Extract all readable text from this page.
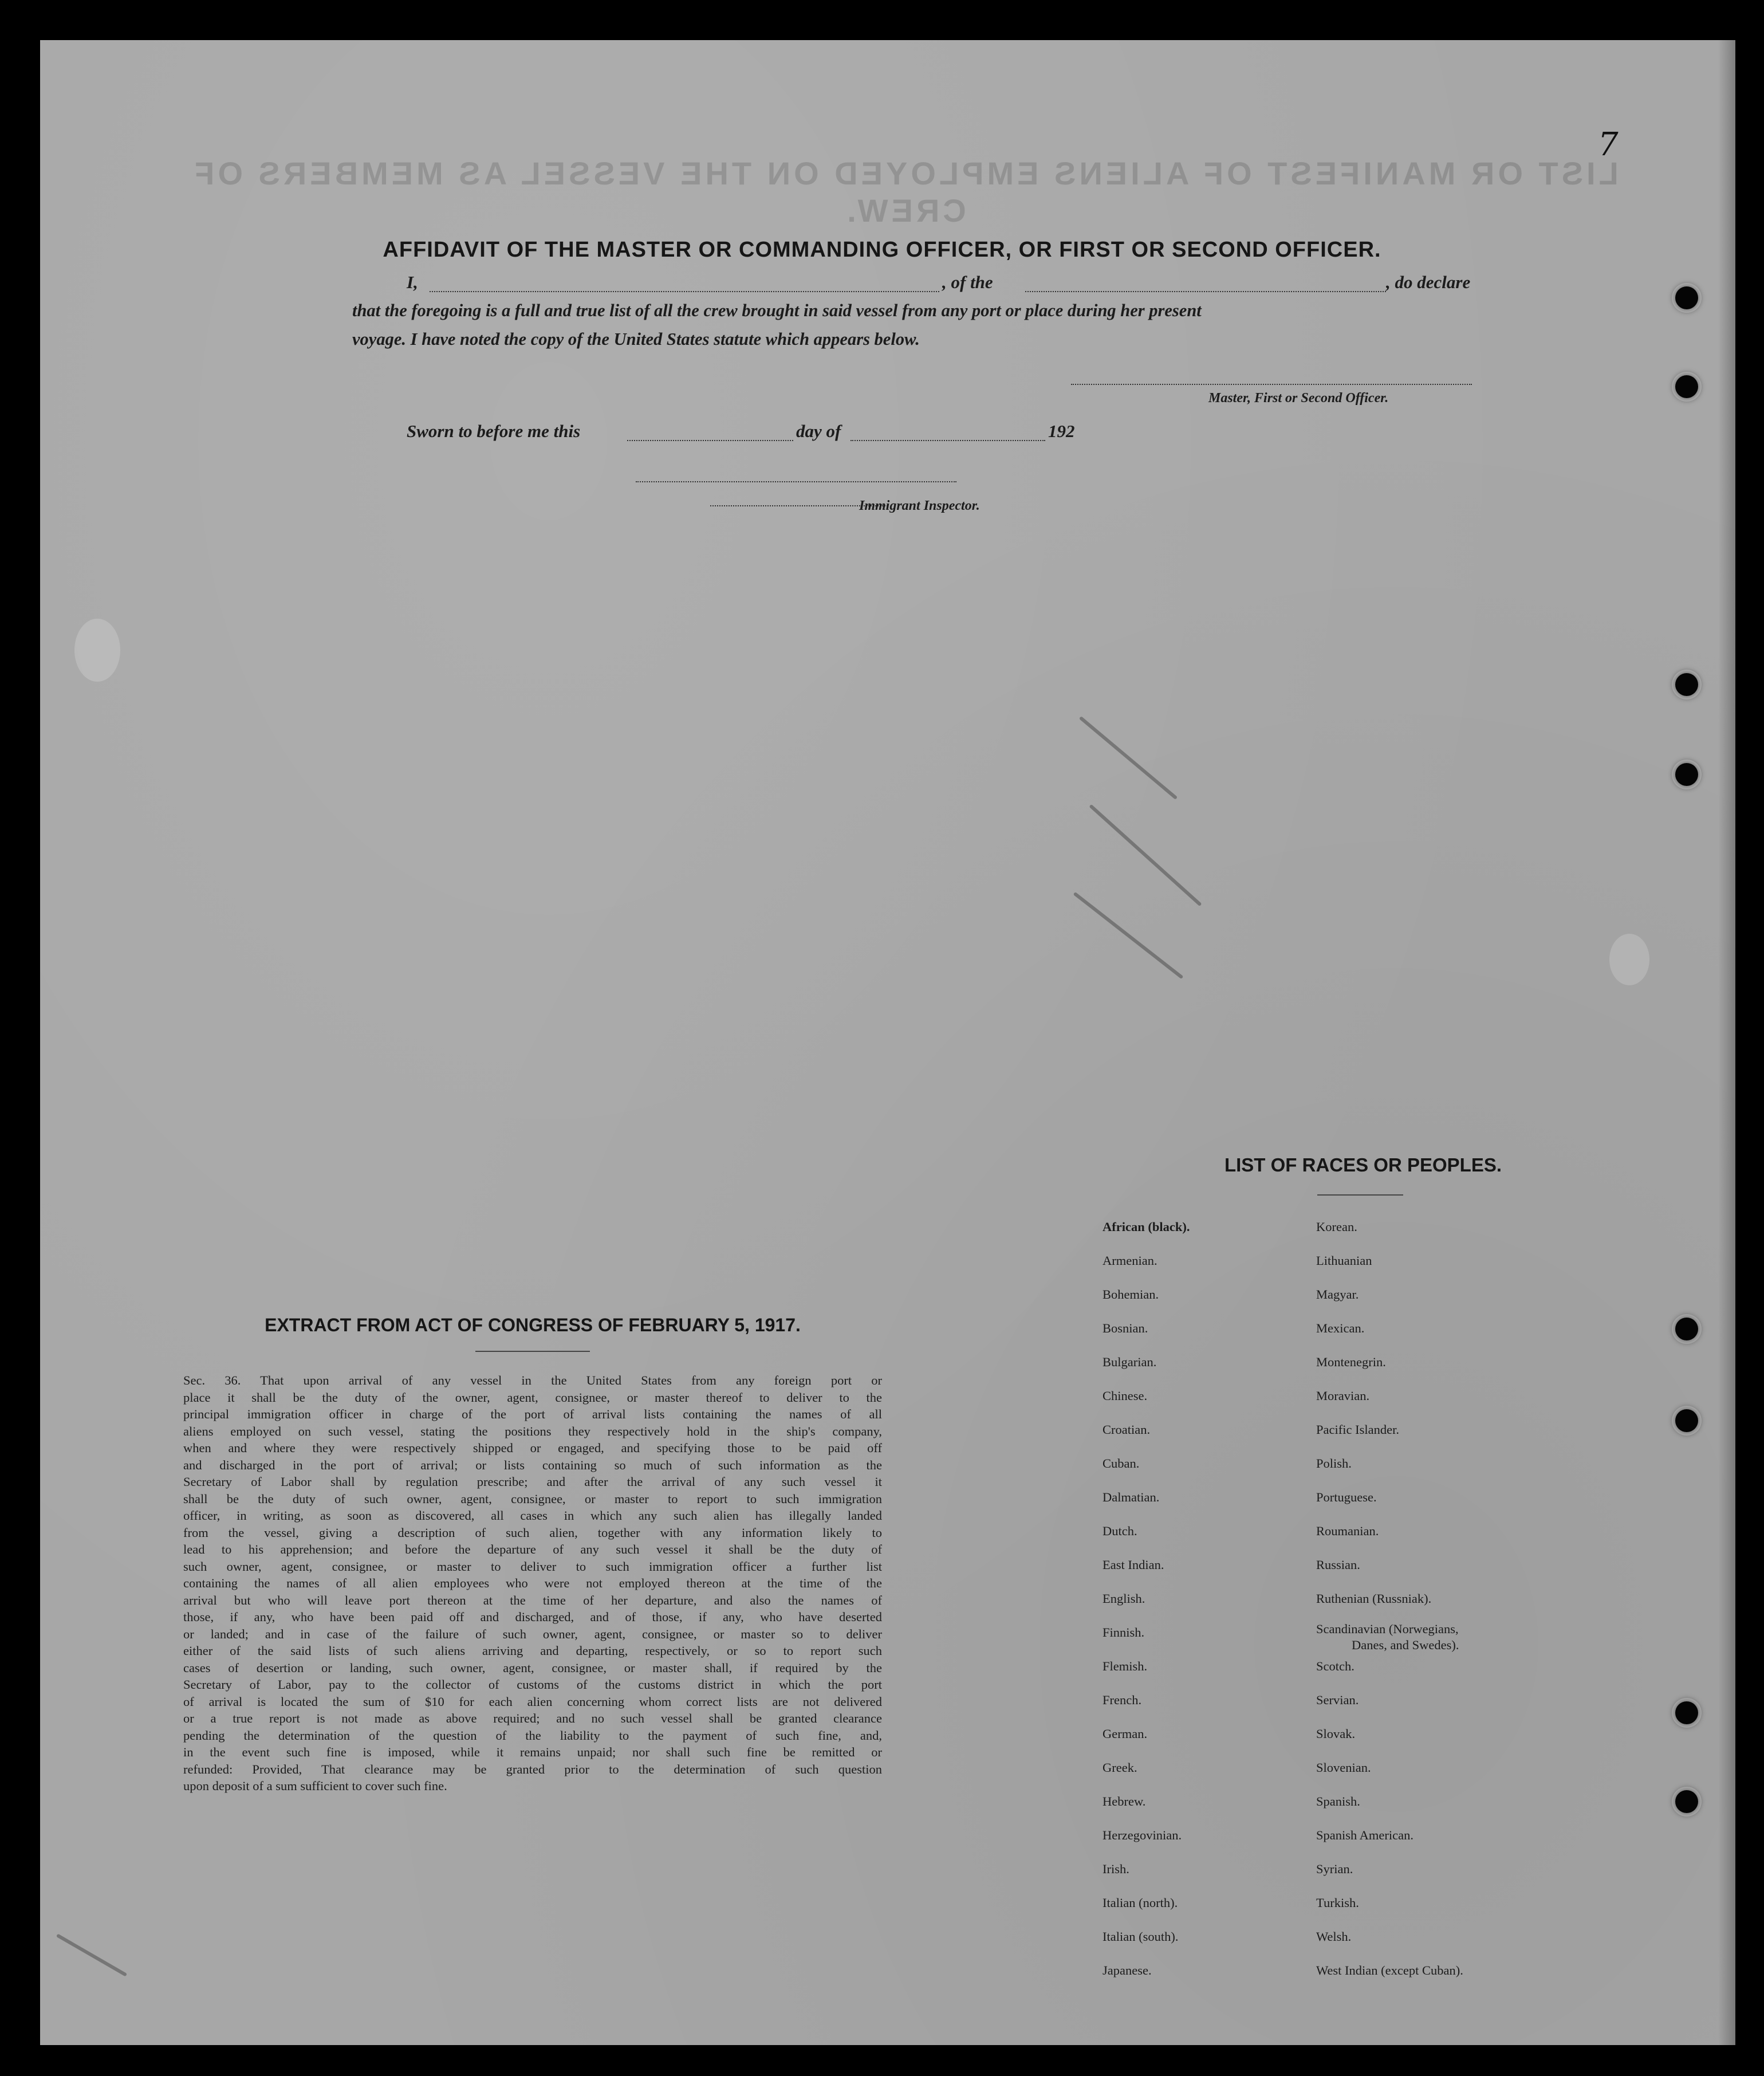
LIST OR MANIFEST OF ALIENS EMPLOYED ON THE VESSEL AS MEMBERS OF CREW.
7
AFFIDAVIT OF THE MASTER OR COMMANDING OFFICER, OR FIRST OR SECOND OFFICER.
I,	, of the	, do declare
that the foregoing is a full and true list of all the crew brought in said vessel from any port or place during her present
voyage. I have noted the copy of the United States statute which appears below.
Master, First or Second Officer.
Sworn to before me this	day of	192
Immigrant Inspector.
EXTRACT FROM ACT OF CONGRESS OF FEBRUARY 5, 1917.
Sec. 36. That upon arrival of any vessel in the United States from any foreign port or
place it shall be the duty of the owner, agent, consignee, or master thereof to deliver to the
principal immigration officer in charge of the port of arrival lists containing the names of all
aliens employed on such vessel, stating the positions they respectively hold in the ship's company,
when and where they were respectively shipped or engaged, and specifying those to be paid off
and discharged in the port of arrival; or lists containing so much of such information as the
Secretary of Labor shall by regulation prescribe; and after the arrival of any such vessel it
shall be the duty of such owner, agent, consignee, or master to report to such immigration
officer, in writing, as soon as discovered, all cases in which any such alien has illegally landed
from the vessel, giving a description of such alien, together with any information likely to
lead to his apprehension; and before the departure of any such vessel it shall be the duty of
such owner, agent, consignee, or master to deliver to such immigration officer a further list
containing the names of all alien employees who were not employed thereon at the time of the
arrival but who will leave port thereon at the time of her departure, and also the names of
those, if any, who have been paid off and discharged, and of those, if any, who have deserted
or landed; and in case of the failure of such owner, agent, consignee, or master so to deliver
either of the said lists of such aliens arriving and departing, respectively, or so to report such
cases of desertion or landing, such owner, agent, consignee, or master shall, if required by the
Secretary of Labor, pay to the collector of customs of the customs district in which the port
of arrival is located the sum of $10 for each alien concerning whom correct lists are not delivered
or a true report is not made as above required; and no such vessel shall be granted clearance
pending the determination of the question of the liability to the payment of such fine, and,
in the event such fine is imposed, while it remains unpaid; nor shall such fine be remitted or
refunded: Provided, That clearance may be granted prior to the determination of such question
upon deposit of a sum sufficient to cover such fine.
LIST OF RACES OR PEOPLES.
African (black).
Armenian.
Bohemian.
Bosnian.
Bulgarian.
Chinese.
Croatian.
Cuban.
Dalmatian.
Dutch.
East Indian.
English.
Finnish.
Flemish.
French.
German.
Greek.
Hebrew.
Herzegovinian.
Irish.
Italian (north).
Italian (south).
Japanese.
Korean.
Lithuanian
Magyar.
Mexican.
Montenegrin.
Moravian.
Pacific Islander.
Polish.
Portuguese.
Roumanian.
Russian.
Ruthenian (Russniak).
Scandinavian (Norwegians,
Danes, and Swedes).
Scotch.
Servian.
Slovak.
Slovenian.
Spanish.
Spanish American.
Syrian.
Turkish.
Welsh.
West Indian (except Cuban).
